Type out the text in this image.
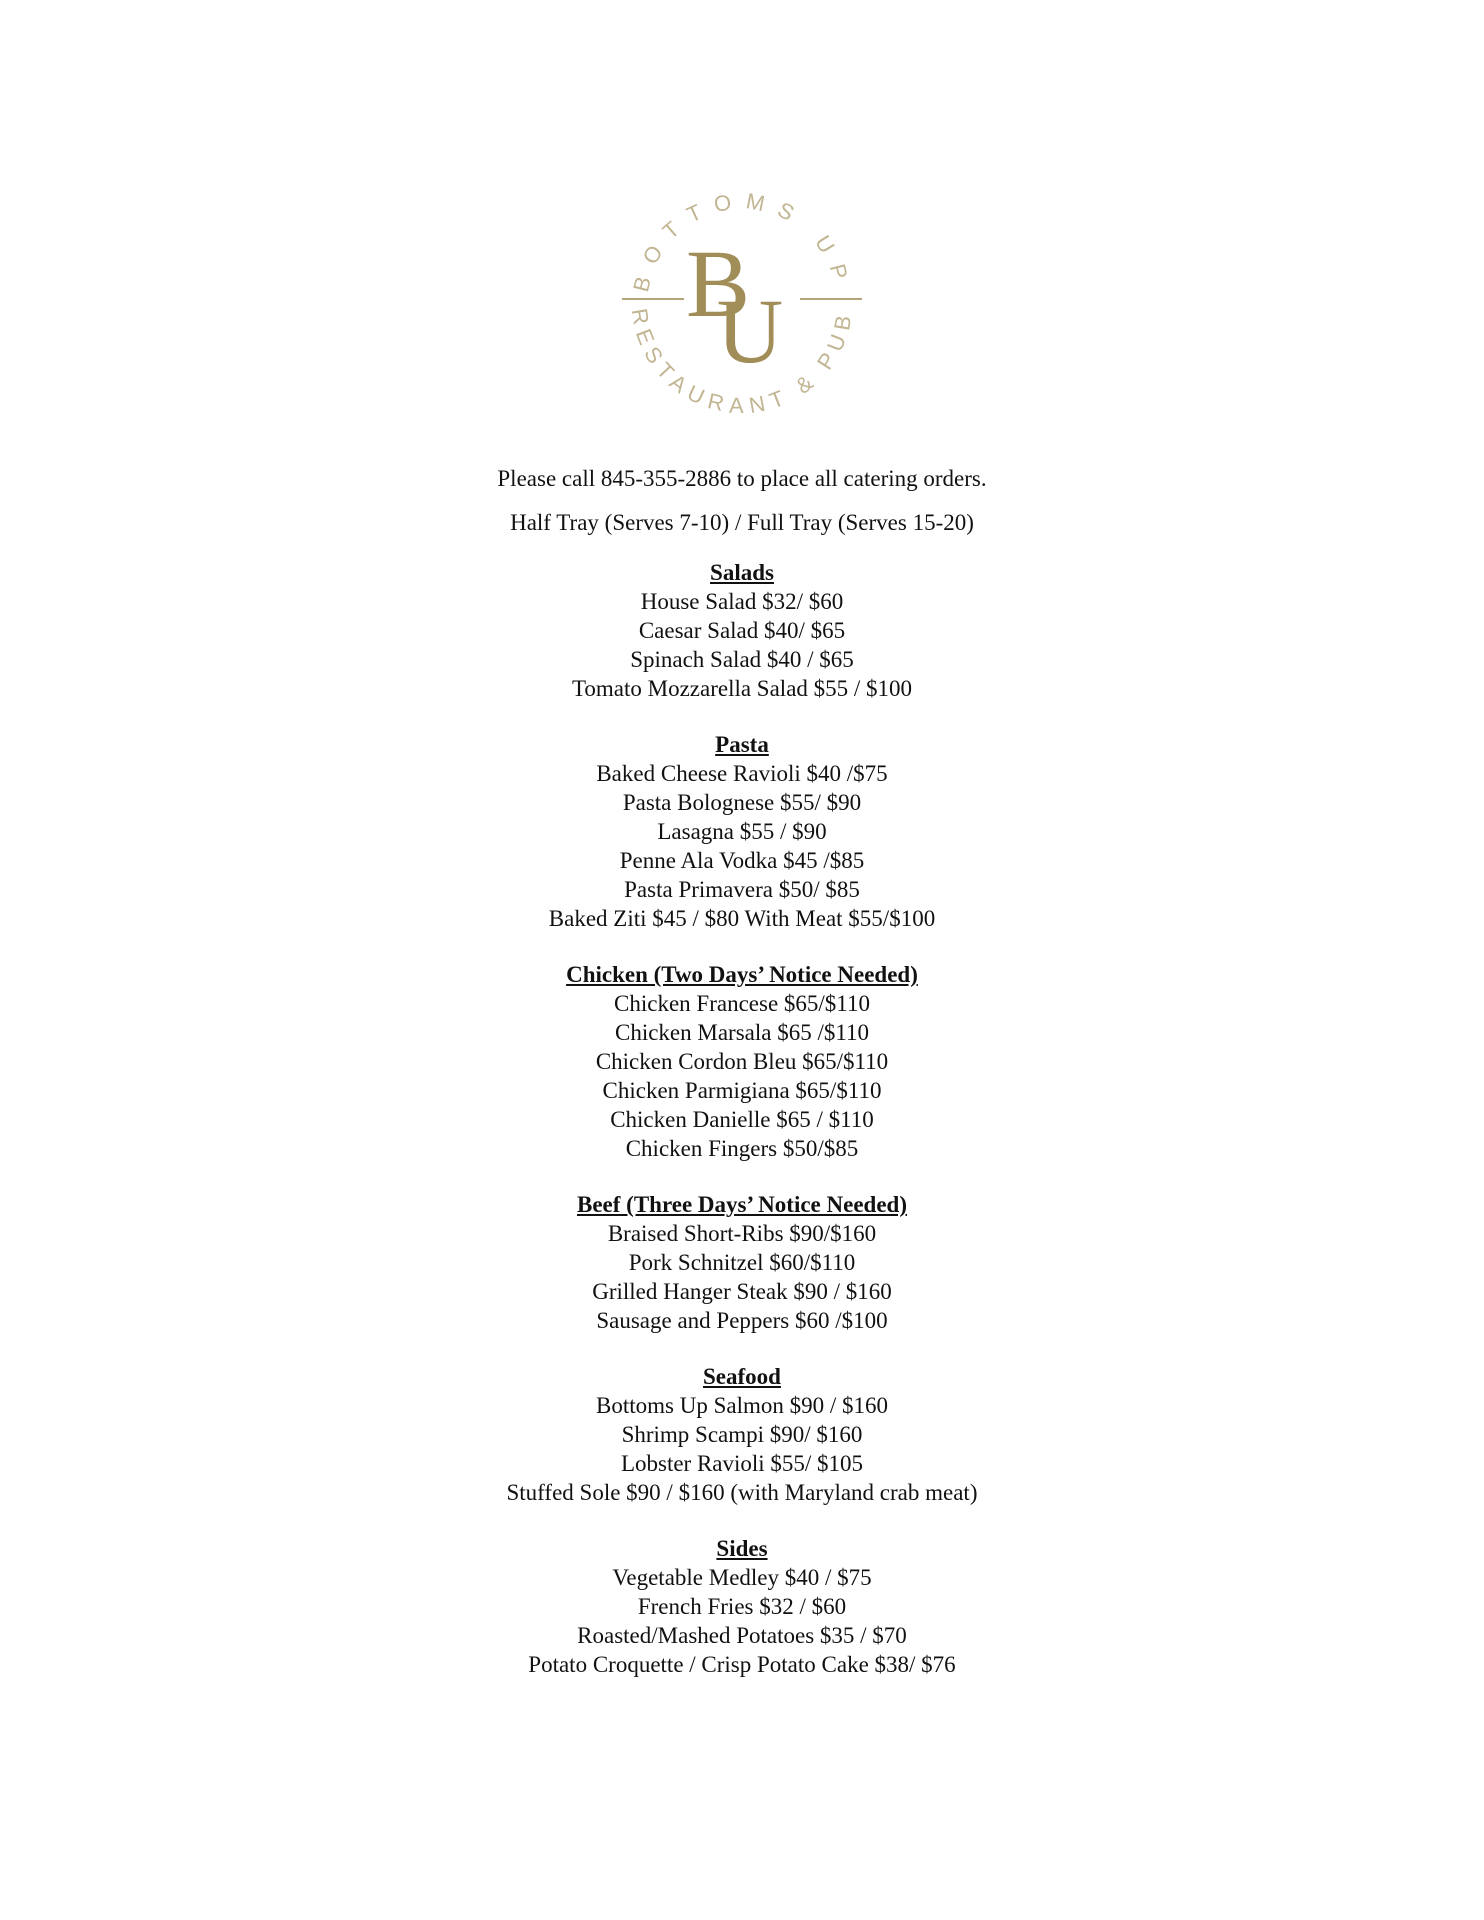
BOTTOMS UP
RESTAURANT & PUB
B
U

Please call 845-355-2886 to place all catering orders.

Half Tray (Serves 7-10) / Full Tray (Serves 15-20)

Salads

House Salad $32/ $60
Caesar Salad $40/ $65
Spinach Salad $40 / $65
Tomato Mozzarella Salad $55 / $100

Pasta

Baked Cheese Ravioli $40 /$75
Pasta Bolognese $55/ $90
Lasagna $55 / $90
Penne Ala Vodka $45 /$85
Pasta Primavera $50/ $85
Baked Ziti $45 / $80 With Meat $55/$100

Chicken (Two Days’ Notice Needed)

Chicken Francese $65/$110
Chicken Marsala $65 /$110
Chicken Cordon Bleu $65/$110
Chicken Parmigiana $65/$110
Chicken Danielle $65 / $110
Chicken Fingers $50/$85

Beef (Three Days’ Notice Needed)

Braised Short-Ribs $90/$160
Pork Schnitzel $60/$110
Grilled Hanger Steak $90 / $160
Sausage and Peppers $60 /$100

Seafood

Bottoms Up Salmon $90 / $160
Shrimp Scampi $90/ $160
Lobster Ravioli $55/ $105
Stuffed Sole $90 / $160 (with Maryland crab meat)

Sides

Vegetable Medley $40 / $75
French Fries $32 / $60
Roasted/Mashed Potatoes $35 / $70
Potato Croquette / Crisp Potato Cake $38/ $76
